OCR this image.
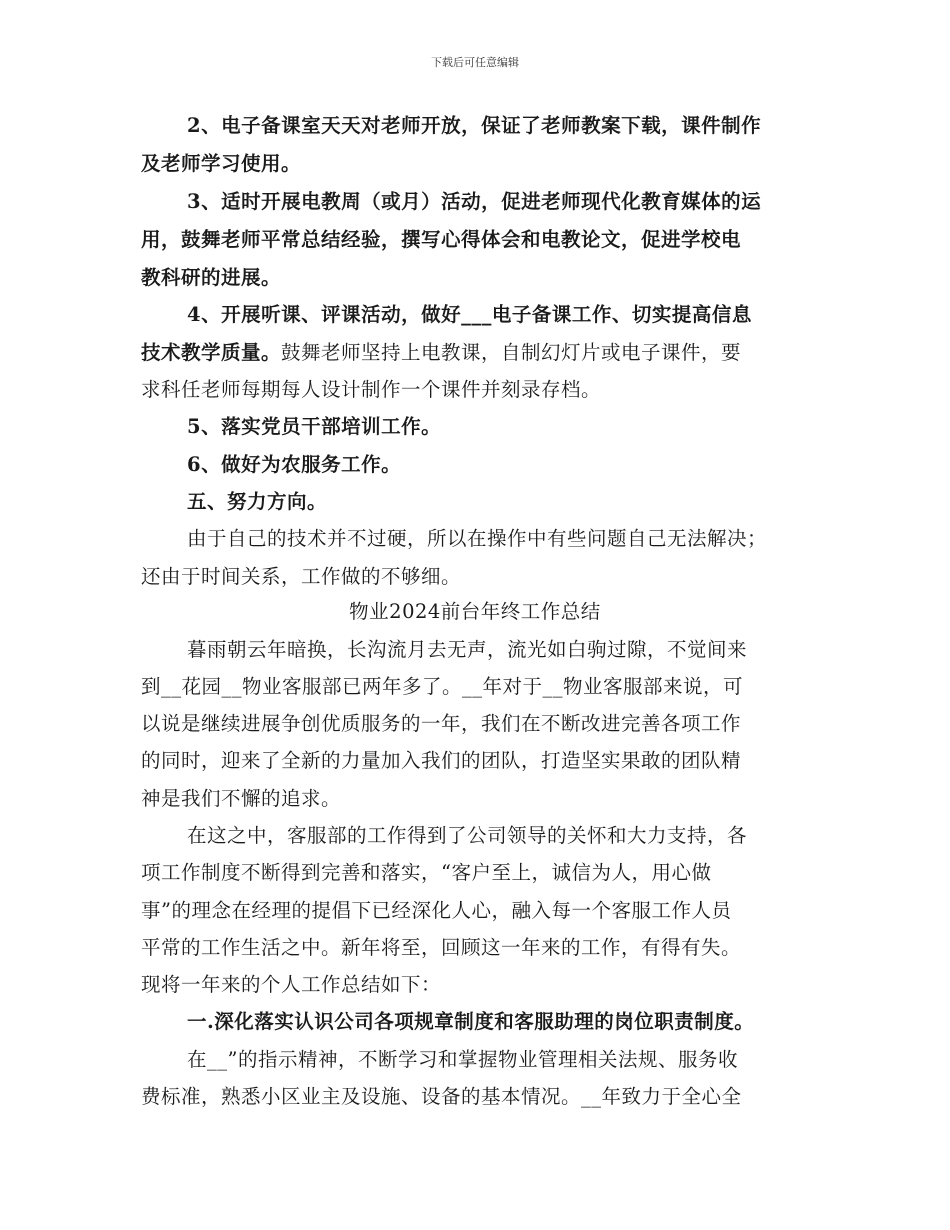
下载后可任意编辑
2、电子备课室天天对老师开放，保证了老师教案下载，课件制作
及老师学习使用。
3、适时开展电教周（或月）活动，促进老师现代化教育媒体的运
用，鼓舞老师平常总结经验，撰写心得体会和电教论文，促进学校电
教科研的进展。
4、开展听课、评课活动，做好___电子备课工作、切实提高信息
技术教学质量。鼓舞老师坚持上电教课，自制幻灯片或电子课件，要
求科任老师每期每人设计制作一个课件并刻录存档。
5、落实党员干部培训工作。
6、做好为农服务工作。
五、努力方向。
由于自己的技术并不过硬，所以在操作中有些问题自己无法解决；
还由于时间关系，工作做的不够细。
物业2024前台年终工作总结
暮雨朝云年暗换，长沟流月去无声，流光如白驹过隙，不觉间来
到__花园__物业客服部已两年多了。__年对于__物业客服部来说，可
以说是继续进展争创优质服务的一年，我们在不断改进完善各项工作
的同时，迎来了全新的力量加入我们的团队，打造坚实果敢的团队精
神是我们不懈的追求。
在这之中，客服部的工作得到了公司领导的关怀和大力支持，各
项工作制度不断得到完善和落实，“客户至上，诚信为人，用心做
事”的理念在经理的提倡下已经深化人心，融入每一个客服工作人员
平常的工作生活之中。新年将至，回顾这一年来的工作，有得有失。
现将一年来的个人工作总结如下：
一.深化落实认识公司各项规章制度和客服助理的岗位职责制度。
在__”的指示精神，不断学习和掌握物业管理相关法规、服务收
费标准，熟悉小区业主及设施、设备的基本情况。__年致力于全心全
